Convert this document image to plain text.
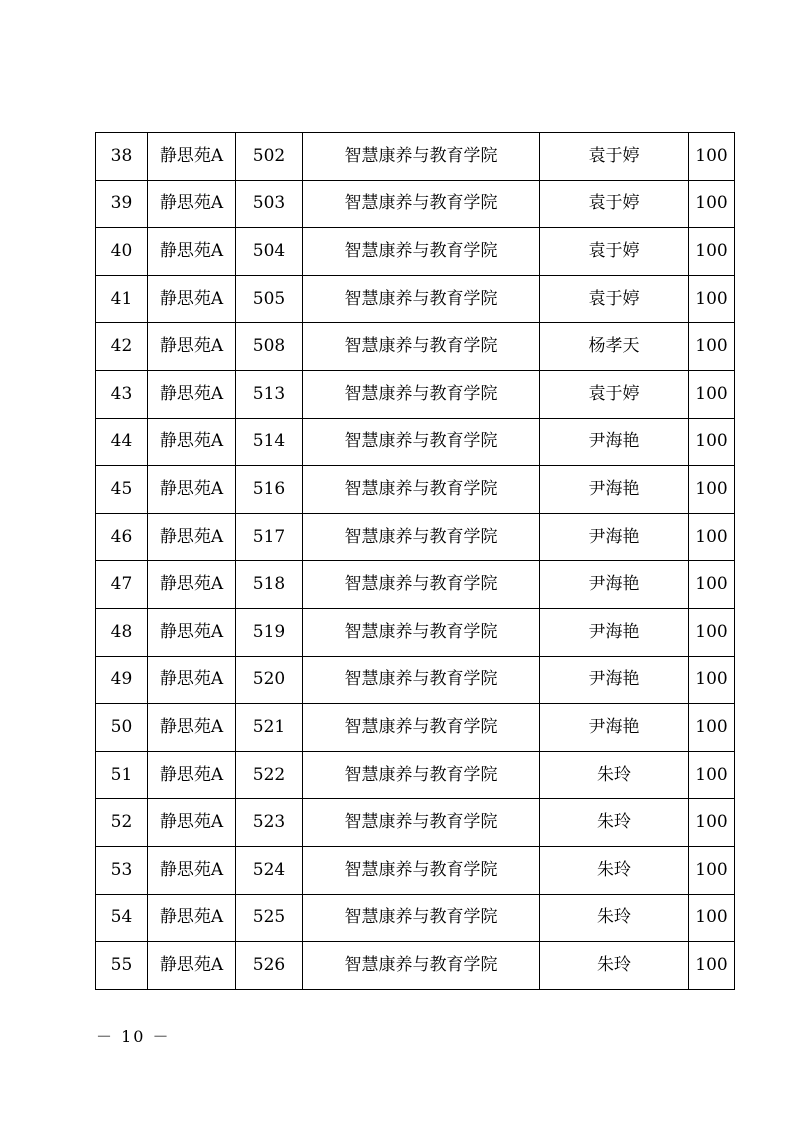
38	静思苑A	502	智慧康养与教育学院	袁于婷	100
39	静思苑A	503	智慧康养与教育学院	袁于婷	100
40	静思苑A	504	智慧康养与教育学院	袁于婷	100
41	静思苑A	505	智慧康养与教育学院	袁于婷	100
42	静思苑A	508	智慧康养与教育学院	杨孝天	100
43	静思苑A	513	智慧康养与教育学院	袁于婷	100
44	静思苑A	514	智慧康养与教育学院	尹海艳	100
45	静思苑A	516	智慧康养与教育学院	尹海艳	100
46	静思苑A	517	智慧康养与教育学院	尹海艳	100
47	静思苑A	518	智慧康养与教育学院	尹海艳	100
48	静思苑A	519	智慧康养与教育学院	尹海艳	100
49	静思苑A	520	智慧康养与教育学院	尹海艳	100
50	静思苑A	521	智慧康养与教育学院	尹海艳	100
51	静思苑A	522	智慧康养与教育学院	朱玲	100
52	静思苑A	523	智慧康养与教育学院	朱玲	100
53	静思苑A	524	智慧康养与教育学院	朱玲	100
54	静思苑A	525	智慧康养与教育学院	朱玲	100
55	静思苑A	526	智慧康养与教育学院	朱玲	100
－ 10 －
